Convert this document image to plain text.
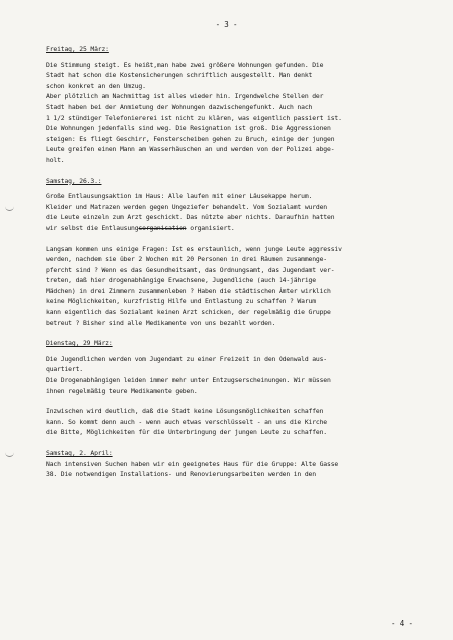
- 3 -
Freitag, 25 März:
Die Stimmung steigt. Es heißt,man habe zwei größere Wohnungen gefunden. Die
Stadt hat schon die Kostensicherungen schriftlich ausgestellt. Man denkt
schon konkret an den Umzug.
Aber plötzlich am Nachmittag ist alles wieder hin. Irgendwelche Stellen der
Stadt haben bei der Anmietung der Wohnungen dazwischengefunkt. Auch nach
1 1/2 stündiger Telefoniererei ist nicht zu klären, was eigentlich passiert ist.
Die Wohnungen jedenfalls sind weg. Die Resignation ist groß. Die Aggressionen
steigen: Es fliegt Geschirr, Fensterscheiben gehen zu Bruch, einige der jungen
Leute greifen einen Mann am Wasserhäuschen an und werden von der Polizei abge-
holt.
Samstag, 26.3.:
Große Entlausungsaktion im Haus: Alle laufen mit einer Läusekappe herum.
Kleider und Matrazen werden gegen Ungeziefer behandelt. Vom Sozialamt wurden
die Leute einzeln zum Arzt geschickt. Das nützte aber nichts. Daraufhin hatten
wir selbst die Entlausungsorganisation organisiert.
Langsam kommen uns einige Fragen: Ist es erstaunlich, wenn junge Leute aggressiv
werden, nachdem sie über 2 Wochen mit 20 Personen in drei Räumen zusammenge-
pfercht sind ? Wenn es das Gesundheitsamt, das Ordnungsamt, das Jugendamt ver-
treten, daß hier drogenabhängige Erwachsene, Jugendliche (auch 14-jährige
Mädchen) in drei Zimmern zusammenleben ? Haben die städtischen Ämter wirklich
keine Möglichkeiten, kurzfristig Hilfe und Entlastung zu schaffen ? Warum
kann eigentlich das Sozialamt keinen Arzt schicken, der regelmäßig die Gruppe
betreut ? Bisher sind alle Medikamente von uns bezahlt worden.
Dienstag, 29 März:
Die Jugendlichen werden vom Jugendamt zu einer Freizeit in den Odenwald aus-
quartiert.
Die Drogenabhängigen leiden immer mehr unter Entzugserscheinungen. Wir müssen
ihnen regelmäßig teure Medikamente geben.
Inzwischen wird deutlich, daß die Stadt keine Lösungsmöglichkeiten schaffen
kann. So kommt denn auch - wenn auch etwas verschlüsselt - an uns die Kirche
die Bitte, Möglichkeiten für die Unterbringung der jungen Leute zu schaffen.
Samstag, 2. April:
Nach intensiven Suchen haben wir ein geeignetes Haus für die Gruppe: Alte Gasse
38. Die notwendigen Installations- und Renovierungsarbeiten werden in den
- 4 -
